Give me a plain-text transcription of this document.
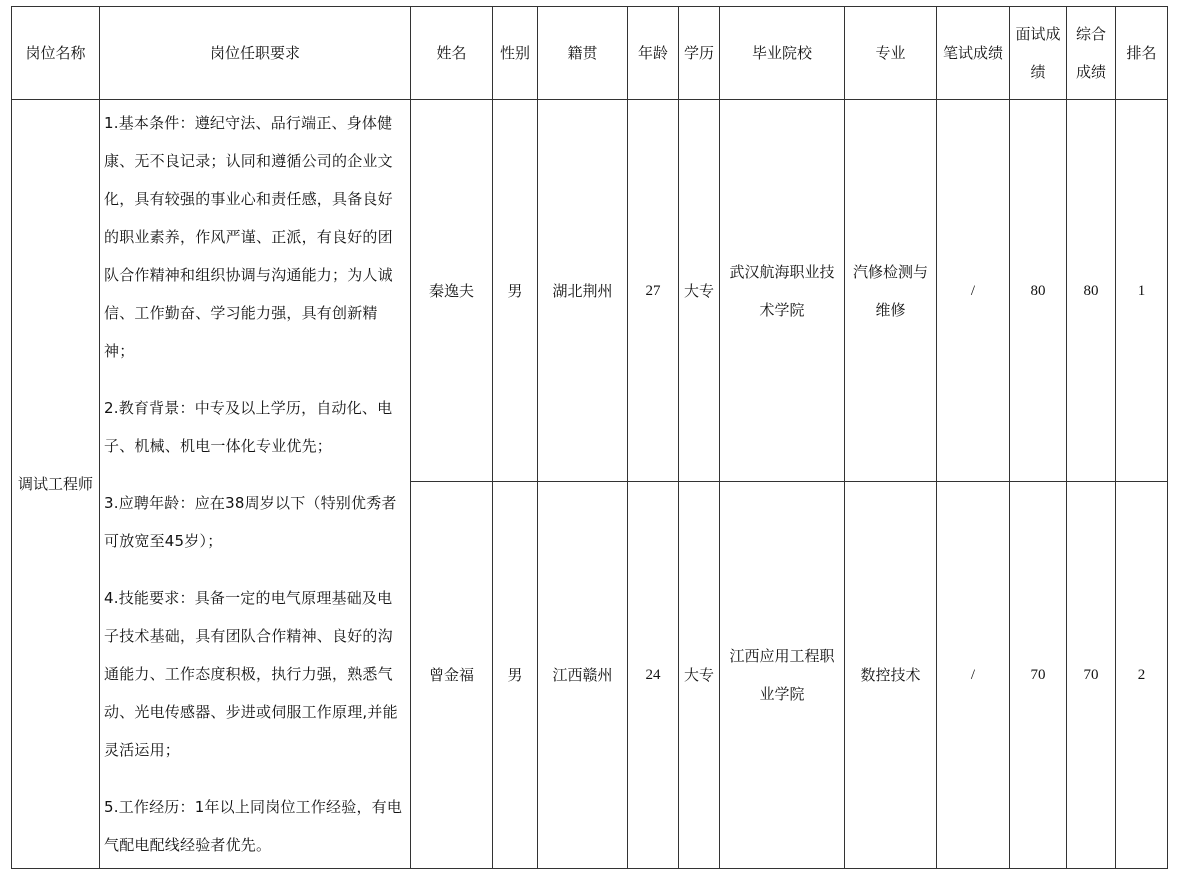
岗位名称	岗位任职要求	姓名	性别	籍贯	年龄	学历	毕业院校	专业	笔试成绩	面试成绩	综合成绩	排名
调试工程师	1.基本条件：遵纪守法、品行端正、身体健康、无不良记录；认同和遵循公司的企业文化，具有较强的事业心和责任感，具备良好的职业素养，作风严谨、正派，有良好的团队合作精神和组织协调与沟通能力；为人诚信、工作勤奋、学习能力强，具有创新精神；

2.教育背景：中专及以上学历，自动化、电子、机械、机电一体化专业优先；

3.应聘年龄：应在38周岁以下（特别优秀者可放宽至45岁）；

4.技能要求：具备一定的电气原理基础及电子技术基础，具有团队合作精神、良好的沟通能力、工作态度积极，执行力强，熟悉气动、光电传感器、步进或伺服工作原理,并能灵活运用；

5.工作经历：1年以上同岗位工作经验，有电气配电配线经验者优先。	秦逸夫	男	湖北荆州	27	大专	武汉航海职业技术学院	汽修检测与维修	/	80	80	1
		曾金福	男	江西赣州	24	大专	江西应用工程职业学院	数控技术	/	70	70	2
